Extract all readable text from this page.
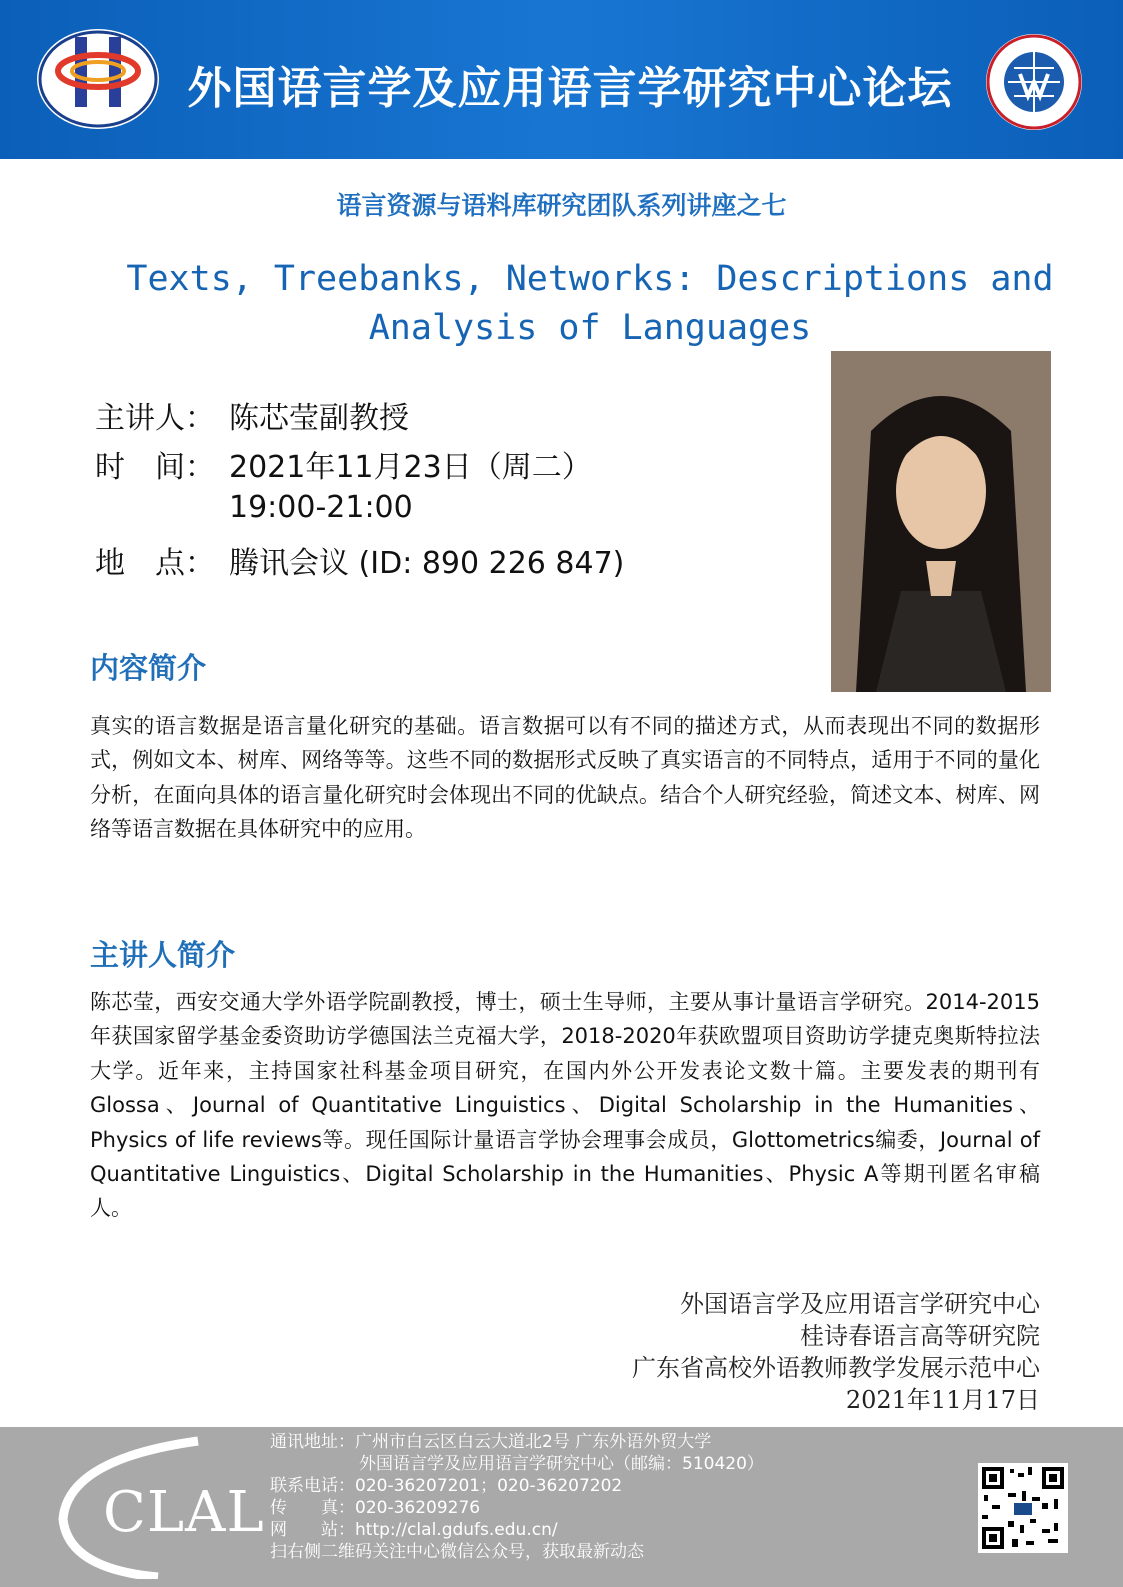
外国语言学及应用语言学研究中心论坛
语言资源与语料库研究团队系列讲座之七
Texts, Treebanks, Networks: Descriptions and
Analysis of Languages
主讲人： 陈芯莹副教授
时　间： 2021年11月23日（周二）
19:00-21:00
地　点： 腾讯会议 (ID: 890 226 847)
内容简介
真实的语言数据是语言量化研究的基础。语言数据可以有不同的描述方式，从而表现出不同的数据形式，例如文本、树库、网络等等。这些不同的数据形式反映了真实语言的不同特点，适用于不同的量化分析，在面向具体的语言量化研究时会体现出不同的优缺点。结合个人研究经验，简述文本、树库、网络等语言数据在具体研究中的应用。
主讲人简介
陈芯莹，西安交通大学外语学院副教授，博士，硕士生导师，主要从事计量语言学研究。2014-2015年获国家留学基金委资助访学德国法兰克福大学，2018-2020年获欧盟项目资助访学捷克奥斯特拉法大学。近年来，主持国家社科基金项目研究，在国内外公开发表论文数十篇。主要发表的期刊有Glossa、Journal of Quantitative Linguistics、Digital Scholarship in the Humanities、Physics of life reviews等。现任国际计量语言学协会理事会成员，Glottometrics编委，Journal of Quantitative Linguistics、Digital Scholarship in the Humanities、Physic A等期刊匿名审稿人。
外国语言学及应用语言学研究中心
桂诗春语言高等研究院
广东省高校外语教师教学发展示范中心
2021年11月17日
CLAL
通讯地址：广州市白云区白云大道北2号 广东外语外贸大学
外国语言学及应用语言学研究中心（邮编：510420）
联系电话：020-36207201；020-36207202
传　　真：020-36209276
网　　站：http://clal.gdufs.edu.cn/
扫右侧二维码关注中心微信公众号，获取最新动态
